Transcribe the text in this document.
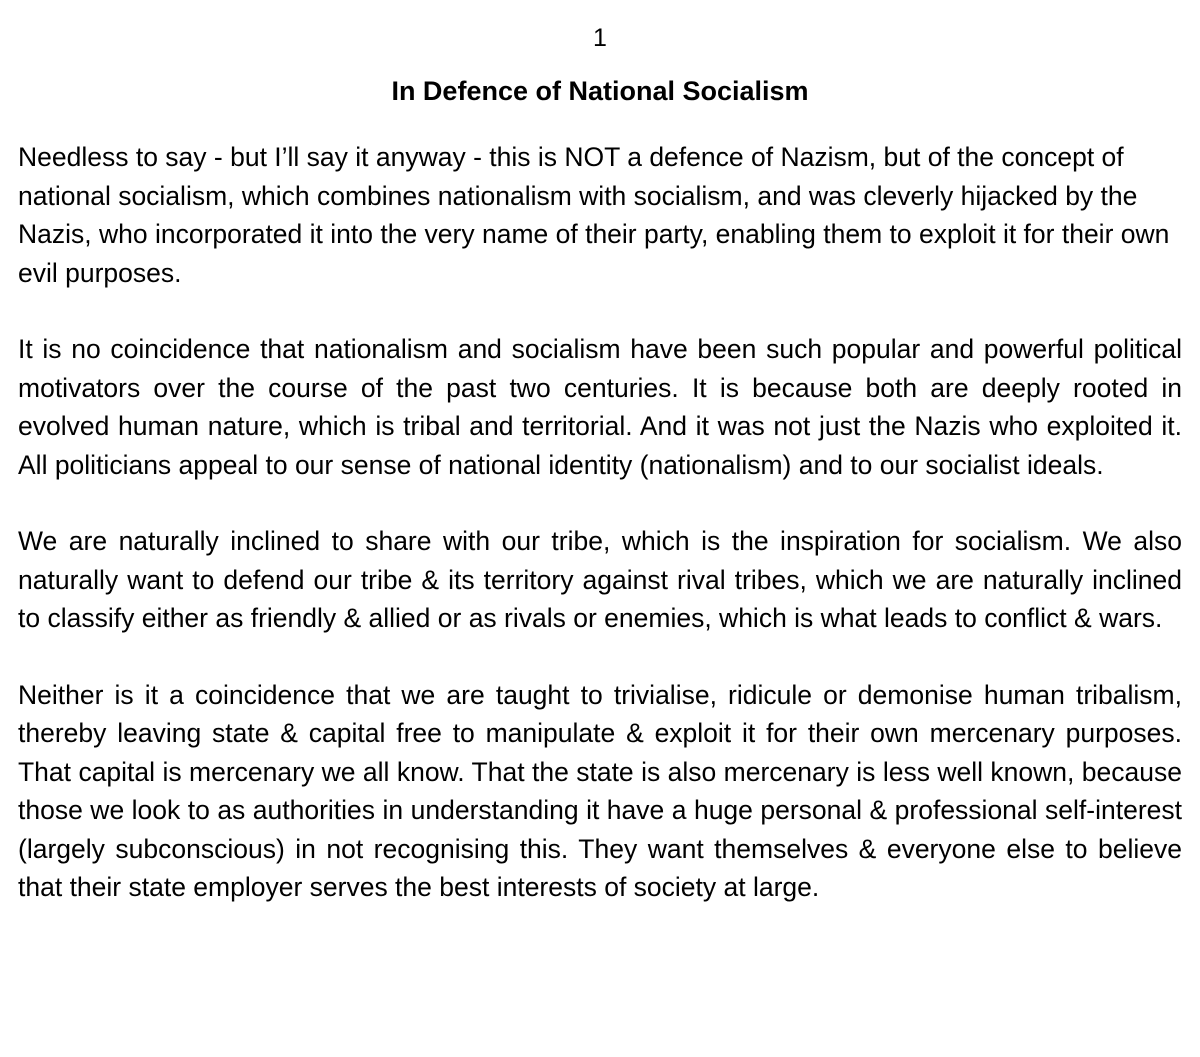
1

In Defence of National Socialism

Needless to say - but I’ll say it anyway - this is NOT a defence of Nazism, but of the concept of national socialism, which combines nationalism with socialism, and was cleverly hijacked by the Nazis, who incorporated it into the very name of their party, enabling them to exploit it for their own evil purposes.

It is no coincidence that nationalism and socialism have been such popular and powerful political motivators over the course of the past two centuries. It is because both are deeply rooted in evolved human nature, which is tribal and territorial. And it was not just the Nazis who exploited it. All politicians appeal to our sense of national identity (nationalism) and to our socialist ideals.

We are naturally inclined to share with our tribe, which is the inspiration for socialism. We also naturally want to defend our tribe & its territory against rival tribes, which we are naturally inclined to classify either as friendly & allied or as rivals or enemies, which is what leads to conflict & wars.

Neither is it a coincidence that we are taught to trivialise, ridicule or demonise human tribalism, thereby leaving state & capital free to manipulate & exploit it for their own mercenary purposes. That capital is mercenary we all know. That the state is also mercenary is less well known, because those we look to as authorities in understanding it have a huge personal & professional self-interest (largely subconscious) in not recognising this. They want themselves & everyone else to believe that their state employer serves the best interests of society at large.
